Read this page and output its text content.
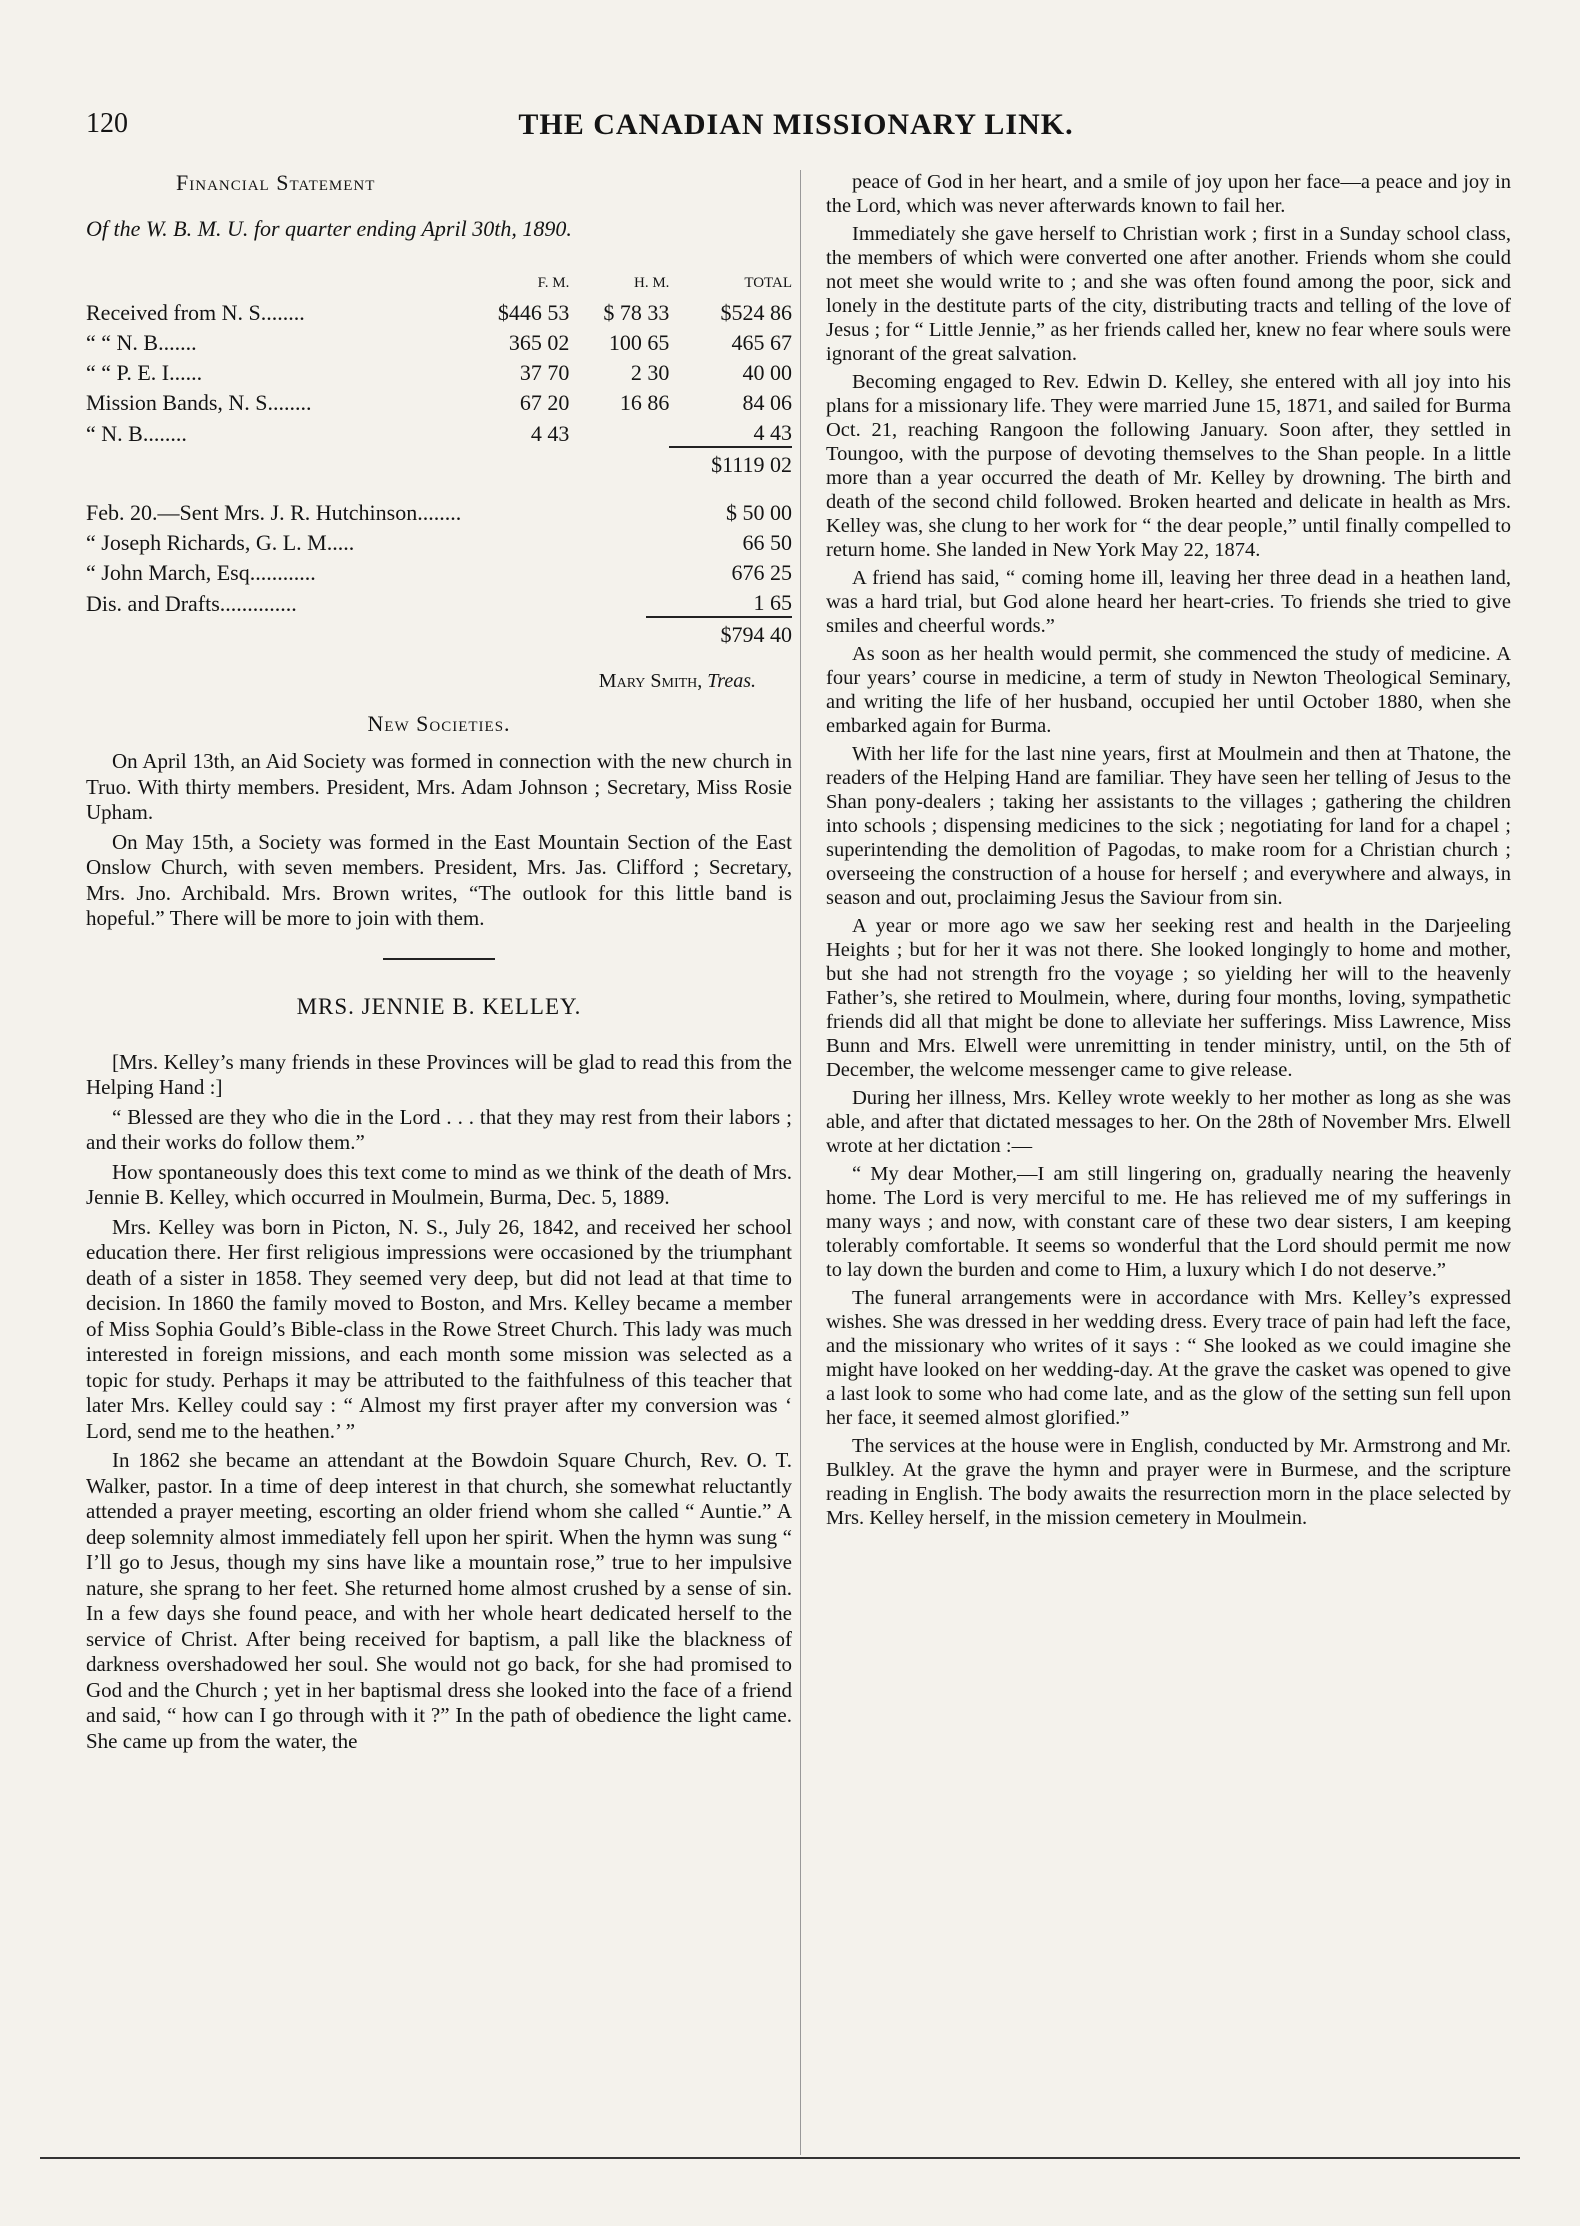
120	THE CANADIAN MISSIONARY LINK.
Financial Statement
Of the W. B. M. U. for quarter ending April 30th, 1890.
	F. M.	H. M.	TOTAL
Received from N. S........	$446 53	$ 78 33	$524 86
“ “ N. B.......	365 02	100 65	465 67
“ “ P. E. I......	37 70	2 30	40 00
Mission Bands, N. S........	67 20	16 86	84 06
“ N. B........	4 43		4 43
			$1119 02
Feb. 20.—Sent Mrs. J. R. Hutchinson........	$ 50 00
“ Joseph Richards, G. L. M.....	66 50
“ John March, Esq............	676 25
Dis. and Drafts..............	1 65
	$794 40
Mary Smith, Treas.
New Societies.

On April 13th, an Aid Society was formed in connection with the new church in Truo. With thirty members. President, Mrs. Adam Johnson ; Secretary, Miss Rosie Upham.

On May 15th, a Society was formed in the East Mountain Section of the East Onslow Church, with seven members. President, Mrs. Jas. Clifford ; Secretary, Mrs. Jno. Archibald. Mrs. Brown writes, “The outlook for this little band is hopeful.” There will be more to join with them.

MRS. JENNIE B. KELLEY.

[Mrs. Kelley’s many friends in these Provinces will be glad to read this from the Helping Hand :]

“ Blessed are they who die in the Lord . . . that they may rest from their labors ; and their works do follow them.”

How spontaneously does this text come to mind as we think of the death of Mrs. Jennie B. Kelley, which occurred in Moulmein, Burma, Dec. 5, 1889.

Mrs. Kelley was born in Picton, N. S., July 26, 1842, and received her school education there. Her first religious impressions were occasioned by the triumphant death of a sister in 1858. They seemed very deep, but did not lead at that time to decision. In 1860 the family moved to Boston, and Mrs. Kelley became a member of Miss Sophia Gould’s Bible-class in the Rowe Street Church. This lady was much interested in foreign missions, and each month some mission was selected as a topic for study. Perhaps it may be attributed to the faithfulness of this teacher that later Mrs. Kelley could say : “ Almost my first prayer after my conversion was ‘ Lord, send me to the heathen.’ ”

In 1862 she became an attendant at the Bowdoin Square Church, Rev. O. T. Walker, pastor. In a time of deep interest in that church, she somewhat reluctantly attended a prayer meeting, escorting an older friend whom she called “ Auntie.” A deep solemnity almost immediately fell upon her spirit. When the hymn was sung “ I’ll go to Jesus, though my sins have like a mountain rose,” true to her impulsive nature, she sprang to her feet. She returned home almost crushed by a sense of sin. In a few days she found peace, and with her whole heart dedicated herself to the service of Christ. After being received for baptism, a pall like the blackness of darkness overshadowed her soul. She would not go back, for she had promised to God and the Church ; yet in her baptismal dress she looked into the face of a friend and said, “ how can I go through with it ?” In the path of obedience the light came. She came up from the water, the

peace of God in her heart, and a smile of joy upon her face—a peace and joy in the Lord, which was never afterwards known to fail her.

Immediately she gave herself to Christian work ; first in a Sunday school class, the members of which were converted one after another. Friends whom she could not meet she would write to ; and she was often found among the poor, sick and lonely in the destitute parts of the city, distributing tracts and telling of the love of Jesus ; for “ Little Jennie,” as her friends called her, knew no fear where souls were ignorant of the great salvation.

Becoming engaged to Rev. Edwin D. Kelley, she entered with all joy into his plans for a missionary life. They were married June 15, 1871, and sailed for Burma Oct. 21, reaching Rangoon the following January. Soon after, they settled in Toungoo, with the purpose of devoting themselves to the Shan people. In a little more than a year occurred the death of Mr. Kelley by drowning. The birth and death of the second child followed. Broken hearted and delicate in health as Mrs. Kelley was, she clung to her work for “ the dear people,” until finally compelled to return home. She landed in New York May 22, 1874.

A friend has said, “ coming home ill, leaving her three dead in a heathen land, was a hard trial, but God alone heard her heart-cries. To friends she tried to give smiles and cheerful words.”

As soon as her health would permit, she commenced the study of medicine. A four years’ course in medicine, a term of study in Newton Theological Seminary, and writing the life of her husband, occupied her until October 1880, when she embarked again for Burma.

With her life for the last nine years, first at Moulmein and then at Thatone, the readers of the Helping Hand are familiar. They have seen her telling of Jesus to the Shan pony-dealers ; taking her assistants to the villages ; gathering the children into schools ; dispensing medicines to the sick ; negotiating for land for a chapel ; superintending the demolition of Pagodas, to make room for a Christian church ; overseeing the construction of a house for herself ; and everywhere and always, in season and out, proclaiming Jesus the Saviour from sin.

A year or more ago we saw her seeking rest and health in the Darjeeling Heights ; but for her it was not there. She looked longingly to home and mother, but she had not strength fro the voyage ; so yielding her will to the heavenly Father’s, she retired to Moulmein, where, during four months, loving, sympathetic friends did all that might be done to alleviate her sufferings. Miss Lawrence, Miss Bunn and Mrs. Elwell were unremitting in tender ministry, until, on the 5th of December, the welcome messenger came to give release.

During her illness, Mrs. Kelley wrote weekly to her mother as long as she was able, and after that dictated messages to her. On the 28th of November Mrs. Elwell wrote at her dictation :—

“ My dear Mother,—I am still lingering on, gradually nearing the heavenly home. The Lord is very merciful to me. He has relieved me of my sufferings in many ways ; and now, with constant care of these two dear sisters, I am keeping tolerably comfortable. It seems so wonderful that the Lord should permit me now to lay down the burden and come to Him, a luxury which I do not deserve.”

The funeral arrangements were in accordance with Mrs. Kelley’s expressed wishes. She was dressed in her wedding dress. Every trace of pain had left the face, and the missionary who writes of it says : “ She looked as we could imagine she might have looked on her wedding-day. At the grave the casket was opened to give a last look to some who had come late, and as the glow of the setting sun fell upon her face, it seemed almost glorified.”

The services at the house were in English, conducted by Mr. Armstrong and Mr. Bulkley. At the grave the hymn and prayer were in Burmese, and the scripture reading in English. The body awaits the resurrection morn in the place selected by Mrs. Kelley herself, in the mission cemetery in Moulmein.
